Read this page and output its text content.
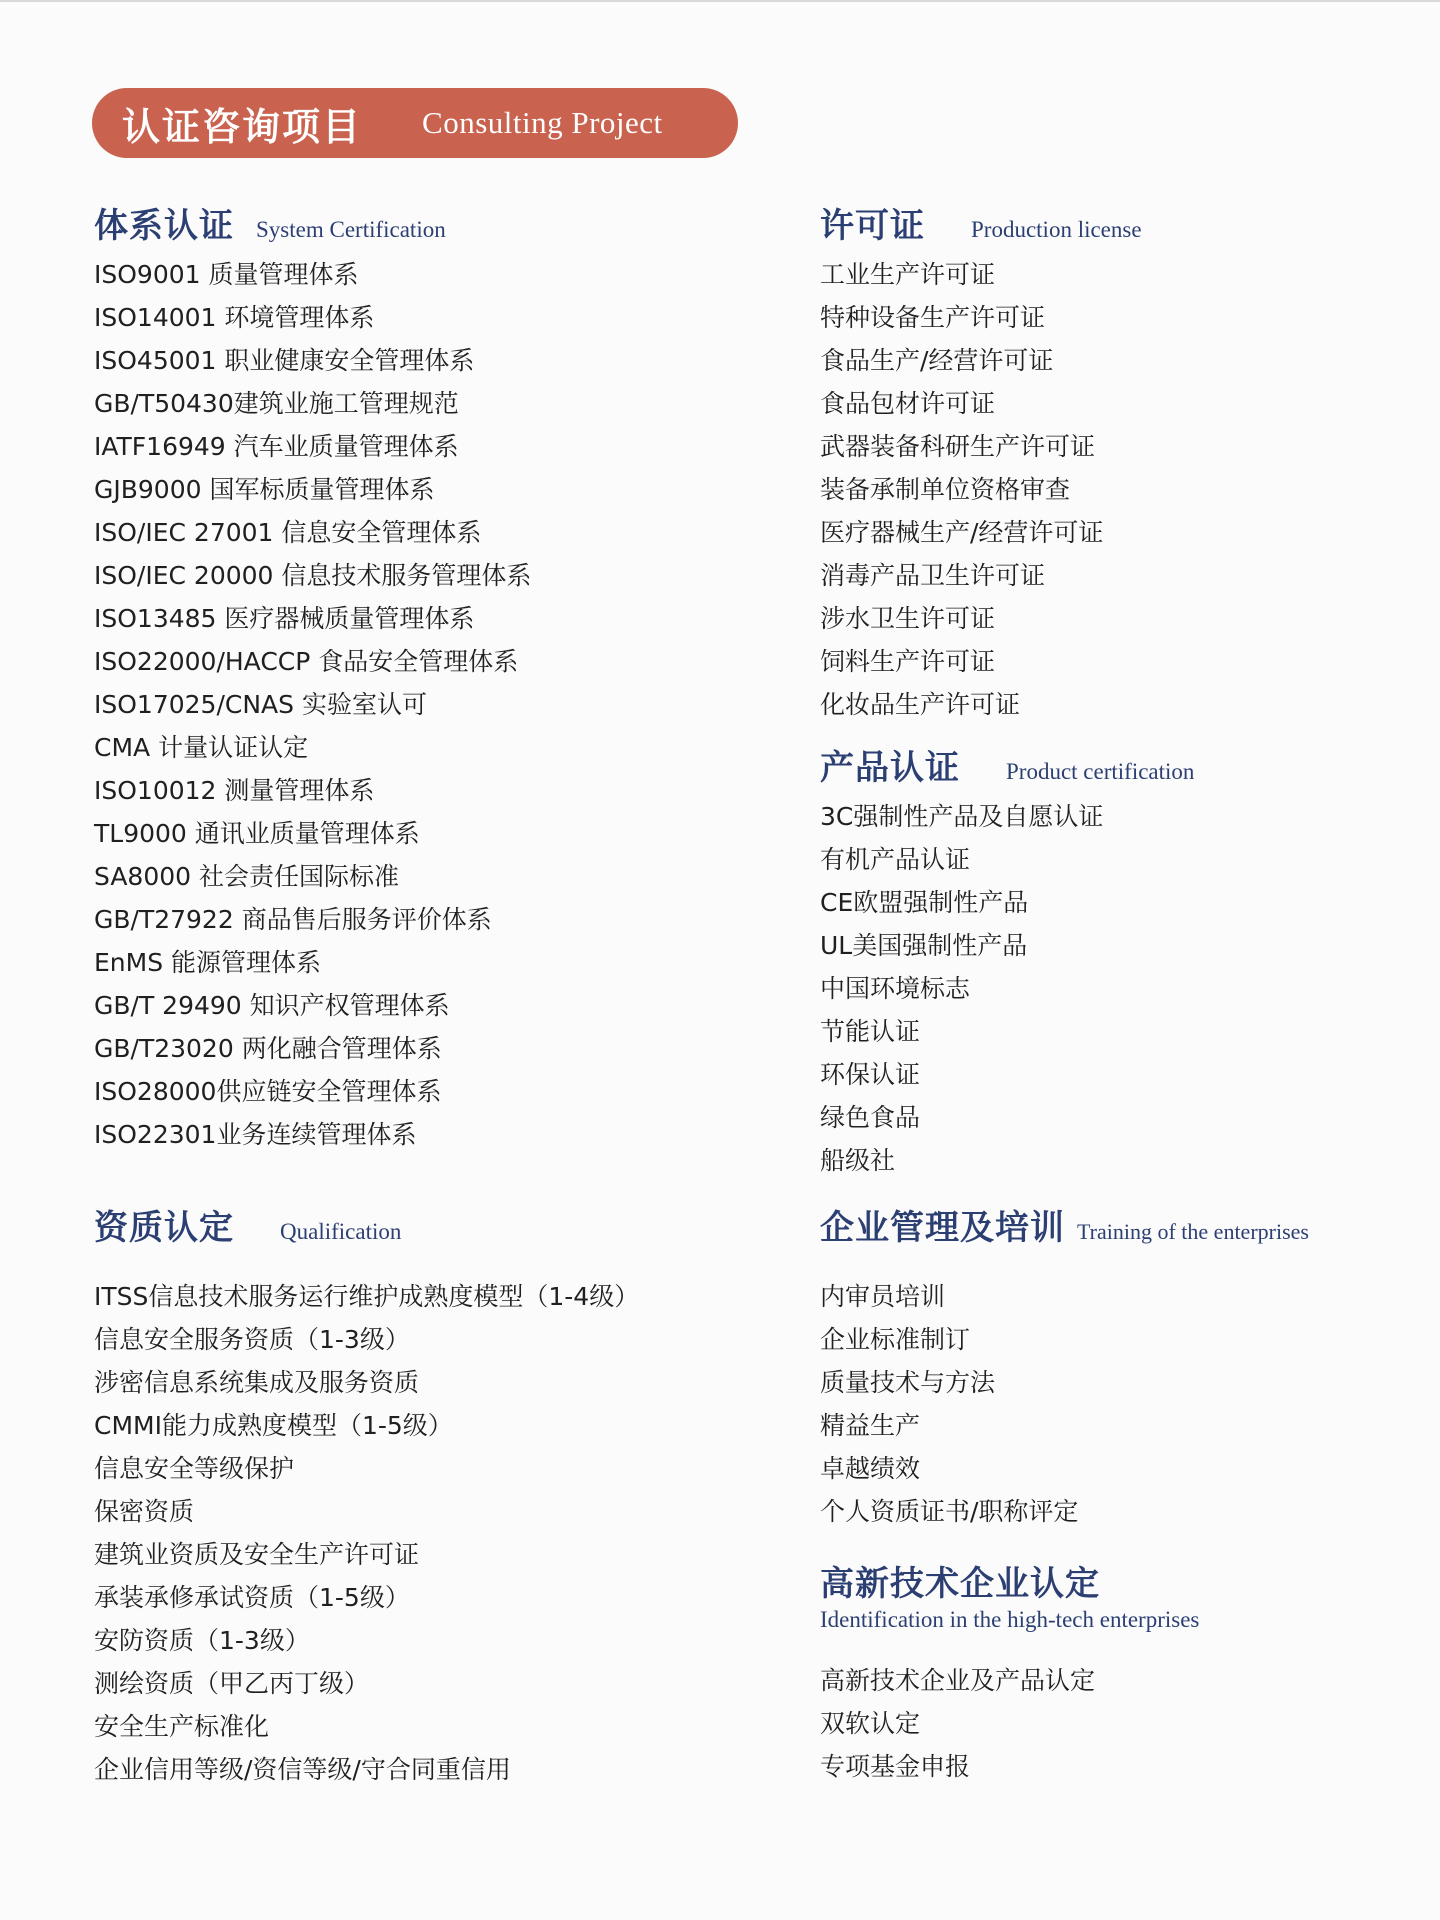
认证咨询项目 Consulting Project
体系认证 System Certification
ISO9001 质量管理体系
ISO14001 环境管理体系
ISO45001 职业健康安全管理体系
GB/T50430建筑业施工管理规范
IATF16949 汽车业质量管理体系
GJB9000 国军标质量管理体系
ISO/IEC 27001 信息安全管理体系
ISO/IEC 20000 信息技术服务管理体系
ISO13485 医疗器械质量管理体系
ISO22000/HACCP 食品安全管理体系
ISO17025/CNAS 实验室认可
CMA 计量认证认定
ISO10012 测量管理体系
TL9000 通讯业质量管理体系
SA8000 社会责任国际标准
GB/T27922 商品售后服务评价体系
EnMS 能源管理体系
GB/T 29490 知识产权管理体系
GB/T23020 两化融合管理体系
ISO28000供应链安全管理体系
ISO22301业务连续管理体系
许可证 Production license
工业生产许可证
特种设备生产许可证
食品生产/经营许可证
食品包材许可证
武器装备科研生产许可证
装备承制单位资格审查
医疗器械生产/经营许可证
消毒产品卫生许可证
涉水卫生许可证
饲料生产许可证
化妆品生产许可证
产品认证 Product certification
3C强制性产品及自愿认证
有机产品认证
CE欧盟强制性产品
UL美国强制性产品
中国环境标志
节能认证
环保认证
绿色食品
船级社
资质认定 Qualification
ITSS信息技术服务运行维护成熟度模型（1-4级）
信息安全服务资质（1-3级）
涉密信息系统集成及服务资质
CMMI能力成熟度模型（1-5级）
信息安全等级保护
保密资质
建筑业资质及安全生产许可证
承装承修承试资质（1-5级）
安防资质（1-3级）
测绘资质（甲乙丙丁级）
安全生产标准化
企业信用等级/资信等级/守合同重信用
企业管理及培训 Training of the enterprises
内审员培训
企业标准制订
质量技术与方法
精益生产
卓越绩效
个人资质证书/职称评定
高新技术企业认定
Identification in the high-tech enterprises
高新技术企业及产品认定
双软认定
专项基金申报
